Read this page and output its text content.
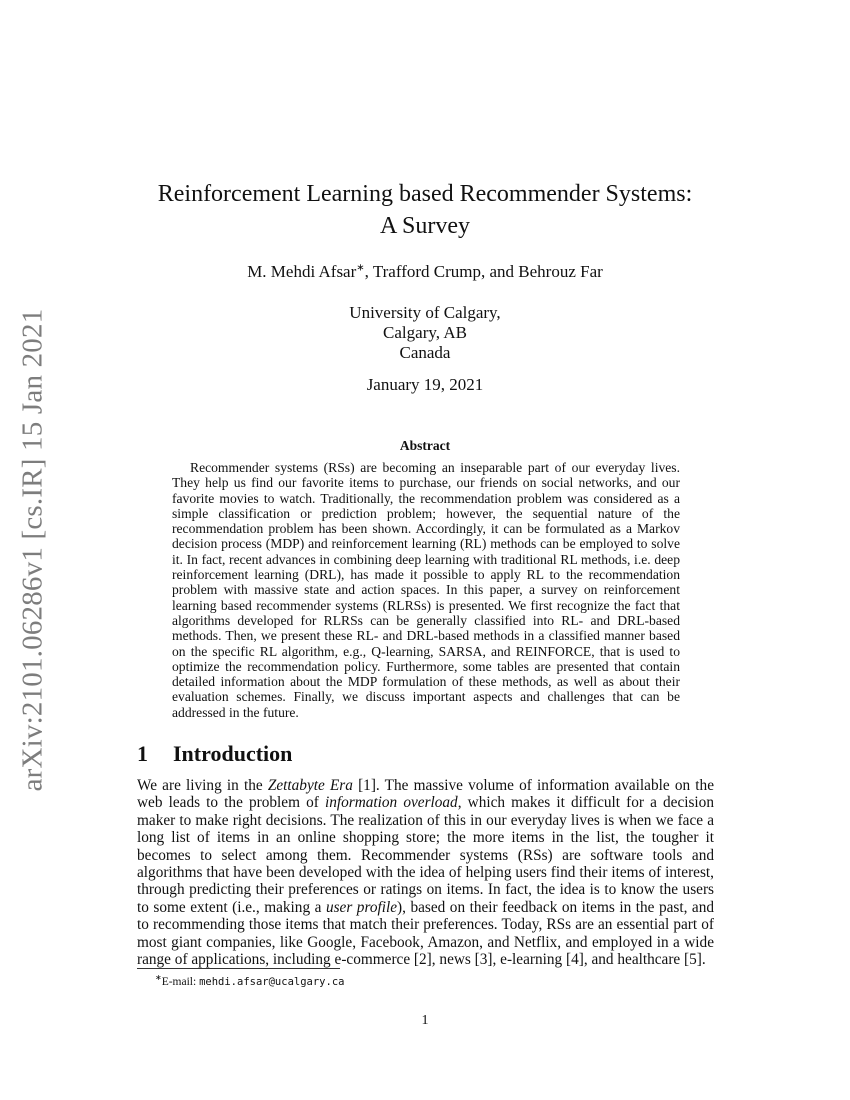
arXiv:2101.06286v1 [cs.IR] 15 Jan 2021
Reinforcement Learning based Recommender Systems:
A Survey
M. Mehdi Afsar∗, Trafford Crump, and Behrouz Far
University of Calgary,
Calgary, AB
Canada
January 19, 2021
Abstract
Recommender systems (RSs) are becoming an inseparable part of our everyday lives. They help us find our favorite items to purchase, our friends on social networks, and our favorite movies to watch. Traditionally, the recommendation problem was considered as a simple classification or prediction problem; however, the sequential nature of the recommendation problem has been shown. Accordingly, it can be formulated as a Markov decision process (MDP) and reinforcement learning (RL) methods can be employed to solve it. In fact, recent advances in combining deep learning with traditional RL methods, i.e. deep reinforcement learning (DRL), has made it possible to apply RL to the recommendation problem with massive state and action spaces. In this paper, a survey on reinforcement learning based recommender systems (RLRSs) is presented. We first recognize the fact that algorithms developed for RLRSs can be generally classified into RL- and DRL-based methods. Then, we present these RL- and DRL-based methods in a classified manner based on the specific RL algorithm, e.g., Q-learning, SARSA, and REINFORCE, that is used to optimize the recommendation policy. Furthermore, some tables are presented that contain detailed information about the MDP formulation of these methods, as well as about their evaluation schemes. Finally, we discuss important aspects and challenges that can be addressed in the future.
1 Introduction
We are living in the Zettabyte Era [1]. The massive volume of information available on the web leads to the problem of information overload, which makes it difficult for a decision maker to make right decisions. The realization of this in our everyday lives is when we face a long list of items in an online shopping store; the more items in the list, the tougher it becomes to select among them. Recommender systems (RSs) are software tools and algorithms that have been developed with the idea of helping users find their items of interest, through predicting their preferences or ratings on items. In fact, the idea is to know the users to some extent (i.e., making a user profile), based on their feedback on items in the past, and to recommending those items that match their preferences. Today, RSs are an essential part of most giant companies, like Google, Facebook, Amazon, and Netflix, and employed in a wide range of applications, including e-commerce [2], news [3], e-learning [4], and healthcare [5].
∗E-mail: mehdi.afsar@ucalgary.ca
1
